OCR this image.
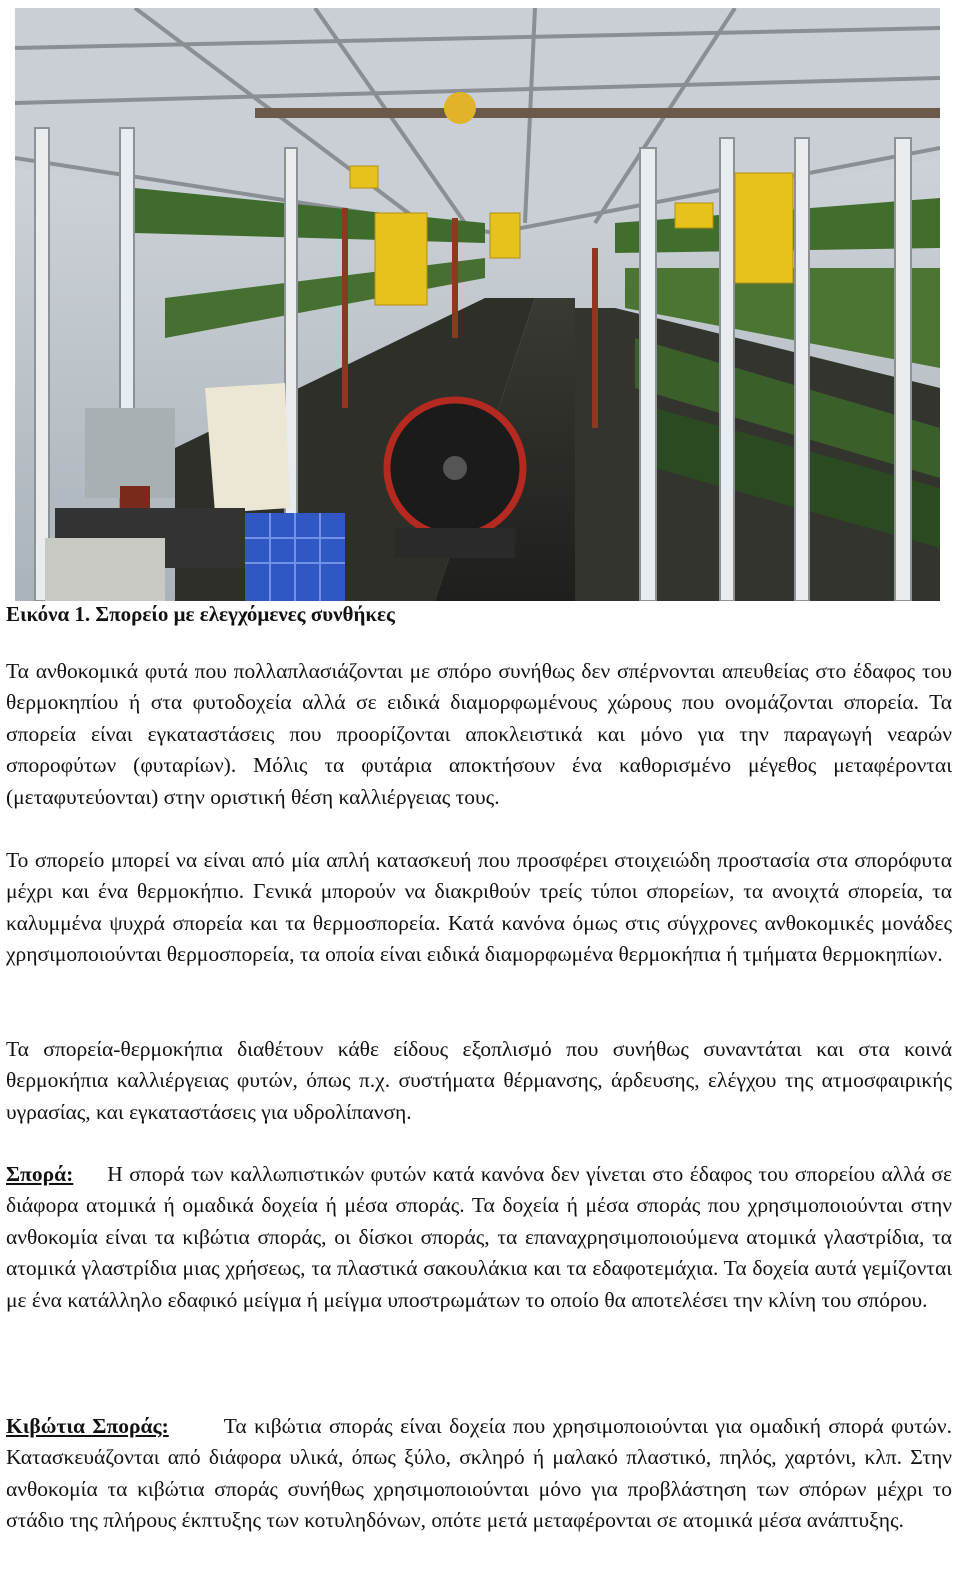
Εικόνα 1. Σπορείο με ελεγχόμενες συνθήκες

Τα ανθοκομικά φυτά που πολλαπλασιάζονται με σπόρο συνήθως δεν σπέρνονται απευθείας στο έδαφος του θερμοκηπίου ή στα φυτοδοχεία αλλά σε ειδικά διαμορφωμένους χώρους που ονομάζονται σπορεία. Τα σπορεία είναι εγκαταστάσεις που προορίζονται αποκλειστικά και μόνο για την παραγωγή νεαρών σποροφύτων (φυταρίων). Μόλις τα φυτάρια αποκτήσουν ένα καθορισμένο μέγεθος μεταφέρονται (μεταφυτεύονται) στην οριστική θέση καλλιέργειας τους.

Το σπορείο μπορεί να είναι από μία απλή κατασκευή που προσφέρει στοιχειώδη προστασία στα σπορόφυτα μέχρι και ένα θερμοκήπιο. Γενικά μπορούν να διακριθούν τρείς τύποι σπορείων, τα ανοιχτά σπορεία, τα καλυμμένα ψυχρά σπορεία και τα θερμοσπορεία. Κατά κανόνα όμως στις σύγχρονες ανθοκομικές μονάδες χρησιμοποιούνται θερμοσπορεία, τα οποία είναι ειδικά διαμορφωμένα θερμοκήπια ή τμήματα θερμοκηπίων.

Τα σπορεία-θερμοκήπια διαθέτουν κάθε είδους εξοπλισμό που συνήθως συναντάται και στα κοινά θερμοκήπια καλλιέργειας φυτών, όπως π.χ. συστήματα θέρμανσης, άρδευσης, ελέγχου της ατμοσφαιρικής υγρασίας, και εγκαταστάσεις για υδρολίπανση.

Σπορά: Η σπορά των καλλωπιστικών φυτών κατά κανόνα δεν γίνεται στο έδαφος του σπορείου αλλά σε διάφορα ατομικά ή ομαδικά δοχεία ή μέσα σποράς. Τα δοχεία ή μέσα σποράς που χρησιμοποιούνται στην ανθοκομία είναι τα κιβώτια σποράς, οι δίσκοι σποράς, τα επαναχρησιμοποιούμενα ατομικά γλαστρίδια, τα ατομικά γλαστρίδια μιας χρήσεως, τα πλαστικά σακουλάκια και τα εδαφοτεμάχια. Τα δοχεία αυτά γεμίζονται με ένα κατάλληλο εδαφικό μείγμα ή μείγμα υποστρωμάτων το οποίο θα αποτελέσει την κλίνη του σπόρου.

Κιβώτια Σποράς:	Τα κιβώτια σποράς είναι δοχεία που χρησιμοποιούνται για ομαδική σπορά φυτών. Κατασκευάζονται από διάφορα υλικά, όπως ξύλο, σκληρό ή μαλακό πλαστικό, πηλός, χαρτόνι, κλπ. Στην ανθοκομία τα κιβώτια σποράς συνήθως χρησιμοποιούνται μόνο για προβλάστηση των σπόρων μέχρι το στάδιο της πλήρους έκπτυξης των κοτυληδόνων, οπότε μετά μεταφέρονται σε ατομικά μέσα ανάπτυξης.
